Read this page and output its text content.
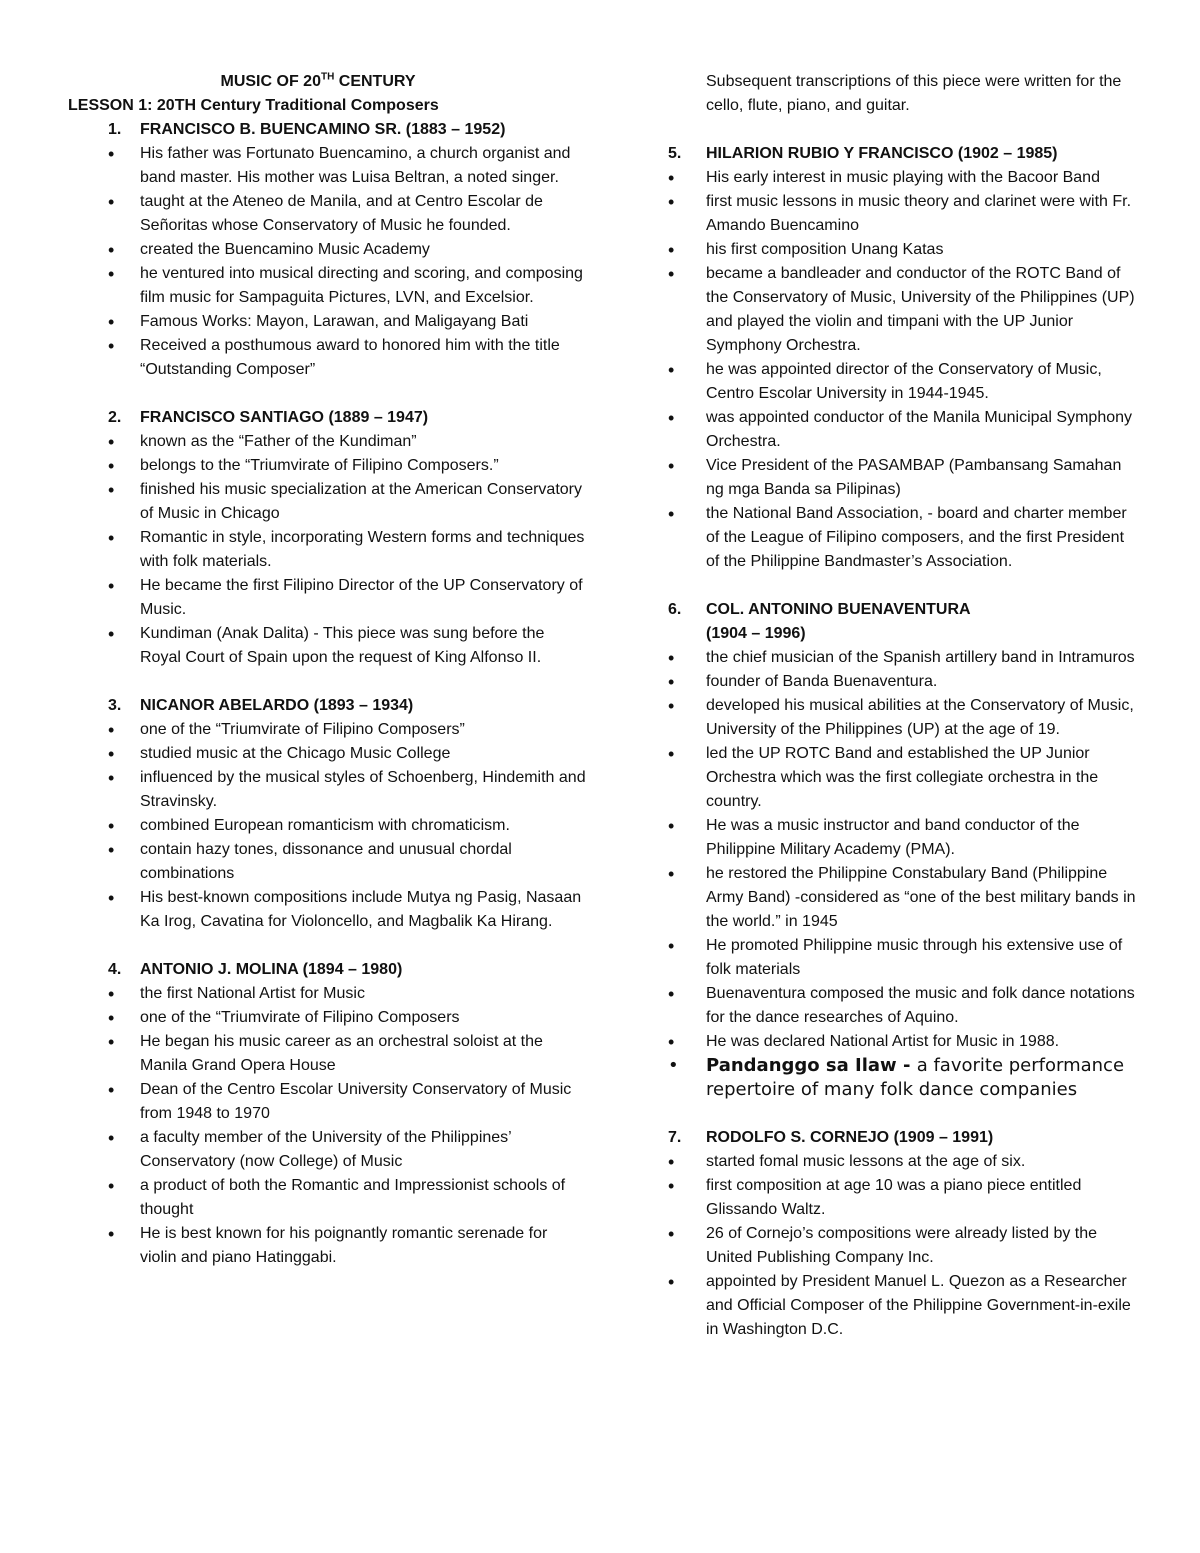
MUSIC OF 20TH CENTURY
LESSON 1: 20TH Century Traditional Composers
1. FRANCISCO B. BUENCAMINO SR. (1883 – 1952)
• His father was Fortunato Buencamino, a church organist and band master. His mother was Luisa Beltran, a noted singer.
• taught at the Ateneo de Manila, and at Centro Escolar de Señoritas whose Conservatory of Music he founded.
• created the Buencamino Music Academy
• he ventured into musical directing and scoring, and composing film music for Sampaguita Pictures, LVN, and Excelsior.
• Famous Works: Mayon, Larawan, and Maligayang Bati
• Received a posthumous award to honored him with the title “Outstanding Composer”
2. FRANCISCO SANTIAGO (1889 – 1947)
• known as the “Father of the Kundiman”
• belongs to the “Triumvirate of Filipino Composers.”
• finished his music specialization at the American Conservatory of Music in Chicago
• Romantic in style, incorporating Western forms and techniques with folk materials.
• He became the first Filipino Director of the UP Conservatory of Music.
• Kundiman (Anak Dalita) - This piece was sung before the Royal Court of Spain upon the request of King Alfonso II.
3. NICANOR ABELARDO (1893 – 1934)
• one of the “Triumvirate of Filipino Composers”
• studied music at the Chicago Music College
• influenced by the musical styles of Schoenberg, Hindemith and Stravinsky.
• combined European romanticism with chromaticism.
• contain hazy tones, dissonance and unusual chordal combinations
• His best-known compositions include Mutya ng Pasig, Nasaan Ka Irog, Cavatina for Violoncello, and Magbalik Ka Hirang.
4. ANTONIO J. MOLINA (1894 – 1980)
• the first National Artist for Music
• one of the “Triumvirate of Filipino Composers
• He began his music career as an orchestral soloist at the Manila Grand Opera House
• Dean of the Centro Escolar University Conservatory of Music from 1948 to 1970
• a faculty member of the University of the Philippines’ Conservatory (now College) of Music
• a product of both the Romantic and Impressionist schools of thought
• He is best known for his poignantly romantic serenade for violin and piano Hatinggabi.
Subsequent transcriptions of this piece were written for the cello, flute, piano, and guitar.
5. HILARION RUBIO Y FRANCISCO (1902 – 1985)
• His early interest in music playing with the Bacoor Band
• first music lessons in music theory and clarinet were with Fr. Amando Buencamino
• his first composition Unang Katas
• became a bandleader and conductor of the ROTC Band of the Conservatory of Music, University of the Philippines (UP) and played the violin and timpani with the UP Junior Symphony Orchestra.
• he was appointed director of the Conservatory of Music, Centro Escolar University in 1944-1945.
• was appointed conductor of the Manila Municipal Symphony Orchestra.
• Vice President of the PASAMBAP (Pambansang Samahan ng mga Banda sa Pilipinas)
• the National Band Association, - board and charter member of the League of Filipino composers, and the first President of the Philippine Bandmaster’s Association.
6. COL. ANTONINO BUENAVENTURA
(1904 – 1996)
• the chief musician of the Spanish artillery band in Intramuros
• founder of Banda Buenaventura.
• developed his musical abilities at the Conservatory of Music, University of the Philippines (UP) at the age of 19.
• led the UP ROTC Band and established the UP Junior Orchestra which was the first collegiate orchestra in the country.
• He was a music instructor and band conductor of the Philippine Military Academy (PMA).
• he restored the Philippine Constabulary Band (Philippine Army Band) -considered as “one of the best military bands in the world.” in 1945
• He promoted Philippine music through his extensive use of folk materials
• Buenaventura composed the music and folk dance notations for the dance researches of Aquino.
• He was declared National Artist for Music in 1988.
• Pandanggo sa Ilaw - a favorite performance repertoire of many folk dance companies
7. RODOLFO S. CORNEJO (1909 – 1991)
• started fomal music lessons at the age of six.
• first composition at age 10 was a piano piece entitled Glissando Waltz.
• 26 of Cornejo’s compositions were already listed by the United Publishing Company Inc.
• appointed by President Manuel L. Quezon as a Researcher and Official Composer of the Philippine Government-in-exile in Washington D.C.
